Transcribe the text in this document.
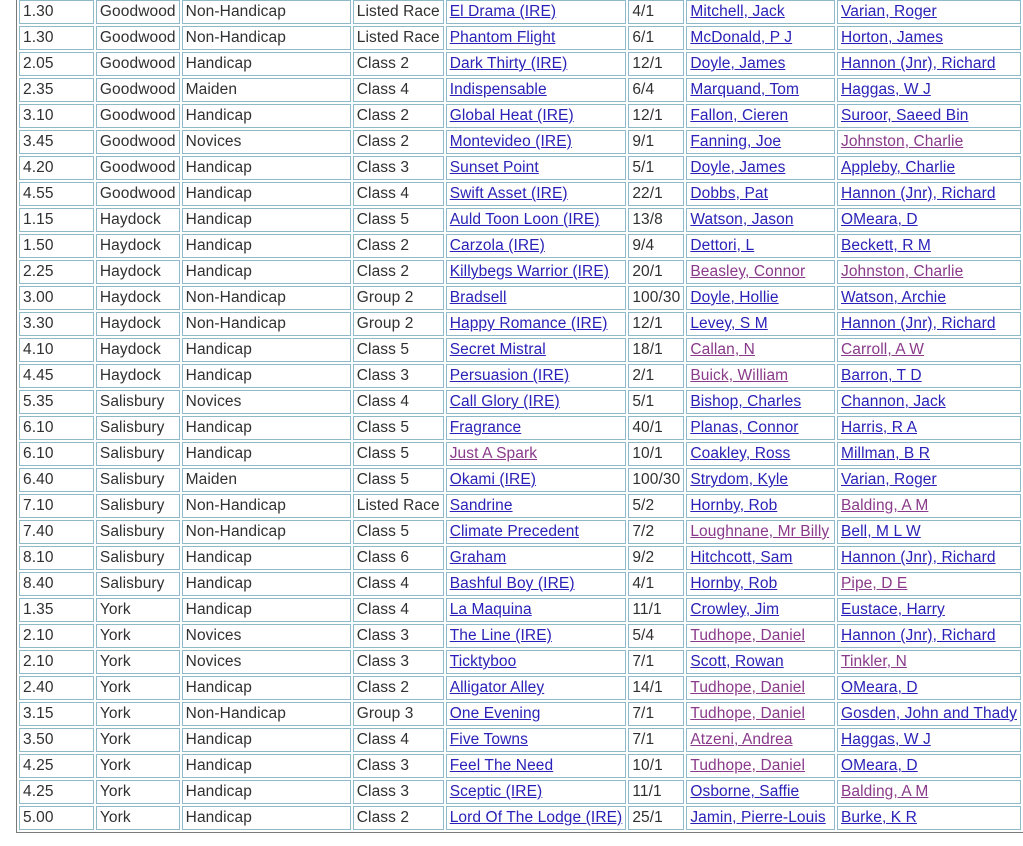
1.30	Goodwood	Non-Handicap	Listed Race	El Drama (IRE)	4/1	Mitchell, Jack	Varian, Roger
1.30	Goodwood	Non-Handicap	Listed Race	Phantom Flight	6/1	McDonald, P J	Horton, James
2.05	Goodwood	Handicap	Class 2	Dark Thirty (IRE)	12/1	Doyle, James	Hannon (Jnr), Richard
2.35	Goodwood	Maiden	Class 4	Indispensable	6/4	Marquand, Tom	Haggas, W J
3.10	Goodwood	Handicap	Class 2	Global Heat (IRE)	12/1	Fallon, Cieren	Suroor, Saeed Bin
3.45	Goodwood	Novices	Class 2	Montevideo (IRE)	9/1	Fanning, Joe	Johnston, Charlie
4.20	Goodwood	Handicap	Class 3	Sunset Point	5/1	Doyle, James	Appleby, Charlie
4.55	Goodwood	Handicap	Class 4	Swift Asset (IRE)	22/1	Dobbs, Pat	Hannon (Jnr), Richard
1.15	Haydock	Handicap	Class 5	Auld Toon Loon (IRE)	13/8	Watson, Jason	OMeara, D
1.50	Haydock	Handicap	Class 2	Carzola (IRE)	9/4	Dettori, L	Beckett, R M
2.25	Haydock	Handicap	Class 2	Killybegs Warrior (IRE)	20/1	Beasley, Connor	Johnston, Charlie
3.00	Haydock	Non-Handicap	Group 2	Bradsell	100/30	Doyle, Hollie	Watson, Archie
3.30	Haydock	Non-Handicap	Group 2	Happy Romance (IRE)	12/1	Levey, S M	Hannon (Jnr), Richard
4.10	Haydock	Handicap	Class 5	Secret Mistral	18/1	Callan, N	Carroll, A W
4.45	Haydock	Handicap	Class 3	Persuasion (IRE)	2/1	Buick, William	Barron, T D
5.35	Salisbury	Novices	Class 4	Call Glory (IRE)	5/1	Bishop, Charles	Channon, Jack
6.10	Salisbury	Handicap	Class 5	Fragrance	40/1	Planas, Connor	Harris, R A
6.10	Salisbury	Handicap	Class 5	Just A Spark	10/1	Coakley, Ross	Millman, B R
6.40	Salisbury	Maiden	Class 5	Okami (IRE)	100/30	Strydom, Kyle	Varian, Roger
7.10	Salisbury	Non-Handicap	Listed Race	Sandrine	5/2	Hornby, Rob	Balding, A M
7.40	Salisbury	Non-Handicap	Class 5	Climate Precedent	7/2	Loughnane, Mr Billy	Bell, M L W
8.10	Salisbury	Handicap	Class 6	Graham	9/2	Hitchcott, Sam	Hannon (Jnr), Richard
8.40	Salisbury	Handicap	Class 4	Bashful Boy (IRE)	4/1	Hornby, Rob	Pipe, D E
1.35	York	Handicap	Class 4	La Maquina	11/1	Crowley, Jim	Eustace, Harry
2.10	York	Novices	Class 3	The Line (IRE)	5/4	Tudhope, Daniel	Hannon (Jnr), Richard
2.10	York	Novices	Class 3	Ticktyboo	7/1	Scott, Rowan	Tinkler, N
2.40	York	Handicap	Class 2	Alligator Alley	14/1	Tudhope, Daniel	OMeara, D
3.15	York	Non-Handicap	Group 3	One Evening	7/1	Tudhope, Daniel	Gosden, John and Thady
3.50	York	Handicap	Class 4	Five Towns	7/1	Atzeni, Andrea	Haggas, W J
4.25	York	Handicap	Class 3	Feel The Need	10/1	Tudhope, Daniel	OMeara, D
4.25	York	Handicap	Class 3	Sceptic (IRE)	11/1	Osborne, Saffie	Balding, A M
5.00	York	Handicap	Class 2	Lord Of The Lodge (IRE)	25/1	Jamin, Pierre-Louis	Burke, K R
